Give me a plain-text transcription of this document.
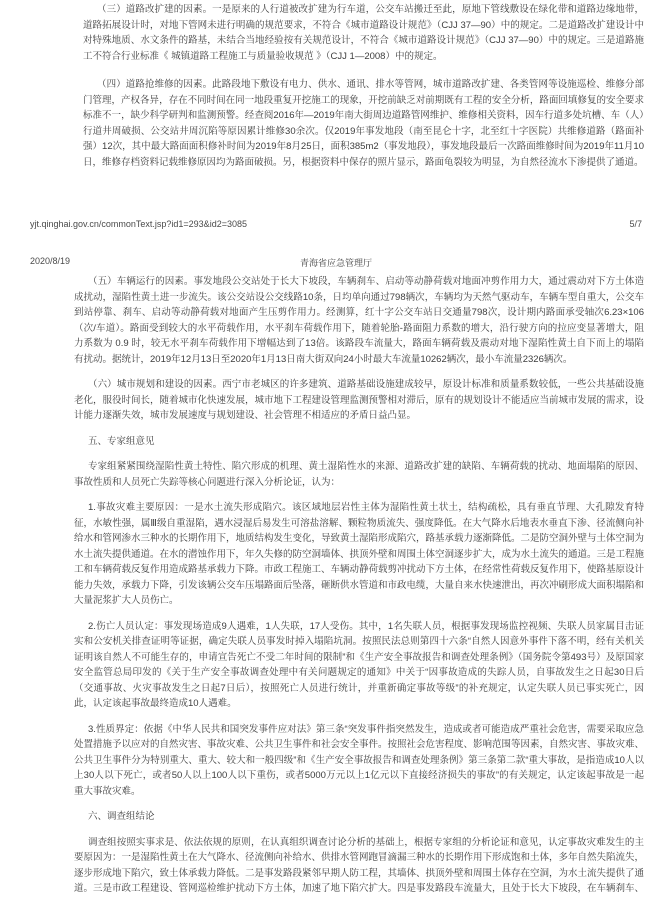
（三）道路改扩建的因素。一是原来的人行道被改扩建为行车道，公交车站搬迁至此，原地下管线敷设在绿化带和道路边缘地带，道路拓展设计时，对地下管网未进行明确的规范要求，不符合《城市道路设计规范》（CJJ 37—90）中的规定。二是道路改扩建设计中对特殊地质、水文条件的路基，未结合当地经验按有关规范设计，不符合《城市道路设计规范》（CJJ 37—90）中的规定。三是道路施工不符合行业标准《 城镇道路工程施工与质量验收规范 》（CJJ 1—2008）中的规定。

（四）道路抢维修的因素。此路段地下敷设有电力、供水、通讯、排水等管网，城市道路改扩建、各类管网等设施巡检、维修分部门管理，产权各异，存在不同时间在同一地段重复开挖施工的现象，开挖前缺乏对前期既有工程的安全分析，路面回填修复的安全要求标准不一，缺少科学研判和监测预警。经查阅2016年—2019年南大街周边道路管网维护、维修相关资料，因车行道多处坑槽、车（人）行道井周破损、公交站井周沉陷等原因累计维修30余次。仅2019年事发地段（南至昆仑十字，北至红十字医院）共维修道路（路面补强）12次，其中最大路面面积修补时间为2019年8月25日，面积385m2（事发地段），事发地段最后一次路面维修时间为2019年11月10日，维修存档资料记载维修原因均为路面破损。另，根据资料中保存的照片显示，路面龟裂较为明显，为自然径流水下渗提供了通道。

yjt.qinghai.gov.cn/commonText.jsp?id1=293&id2=3085	5/7
2020/8/19	青海省应急管理厅

（五）车辆运行的因素。事发地段公交站处于长大下坡段，车辆刹车、启动等动静荷载对地面冲剪作用力大，通过震动对下方土体造成扰动，湿陷性黄土进一步流失。该公交站设公交线路10条，日均单向通过798辆次，车辆均为天然气驱动车，车辆车型自重大，公交车到站停靠、刹车、启动等动静荷载对地面产生压剪作用力。经测算，红十字公交车站日交通量798次，设计期内路面承受轴次6.23×106（次/车道）。路面受到较大的水平荷载作用，水平刹车荷载作用下，随着轮胎-路面阻力系数的增大，沿行驶方向的拉应变显著增大，阻力系数为 0.9 时，较无水平刹车荷载作用下增幅达到了13倍。该路段车流量大，路面车辆荷载及震动对地下湿陷性黄土自下而上的塌陷有扰动。据统计，2019年12月13日至2020年1月13日南大街双向24小时最大车流量10262辆次，最小车流量2326辆次。

（六）城市规划和建设的因素。西宁市老城区的许多建筑、道路基础设施建成较早，原设计标准和质量系数较低，一些公共基础设施老化，服役时间长，随着城市化快速发展，城市地下工程建设管理监测预警相对滞后，原有的规划设计不能适应当前城市发展的需求，设计能力逐渐失效，城市发展速度与规划建设、社会管理不相适应的矛盾日益凸显。

五、专家组意见

专家组紧紧围绕湿陷性黄土特性、陷穴形成的机理、黄土湿陷性水的来源、道路改扩建的缺陷、车辆荷载的扰动、地面塌陷的原因、事故性质和人员死亡失踪等核心问题进行深入分析论证，认为：

1.事故灾难主要原因：一是水土流失形成陷穴。该区域地层岩性主体为湿陷性黄土状土，结构疏松，具有垂直节理、大孔隙发育特征，水敏性强，属Ⅲ级自重湿陷，遇水浸湿后易发生可溶盐溶解、颗粒物质流失、强度降低。在大气降水后地表水垂直下渗、径流侧向补给水和管网渗水三种水的长期作用下，地质结构发生变化，导致黄土湿陷形成陷穴，路基承载力逐渐降低。二是防空洞外壁与土体空洞为水土流失提供通道。在水的潜蚀作用下，年久失修的防空洞墙体、拱顶外壁和周围土体空洞逐步扩大，成为水土流失的通道。三是工程施工和车辆荷载反复作用造成路基承载力下降。市政工程施工、车辆动静荷载剪冲扰动下方土体，在经常性荷载反复作用下，使路基原设计能力失效，承载力下降，引发该辆公交车压塌路面后坠落，砸断供水管道和市政电缆，大量自来水快速泄出，再次冲刷形成大面积塌陷和大量泥浆扩大人员伤亡。

2.伤亡人员认定：事发现场造成9人遇难，1人失联，17人受伤。其中，1名失联人员，根据事发现场监控视频、失联人员家属目击证实和公安机关排查证明等证据，确定失联人员事发时掉入塌陷坑洞。按照民法总则第四十六条“自然人因意外事件下落不明，经有关机关证明该自然人不可能生存的，申请宣告死亡不受二年时间的限制”和《生产安全事故报告和调查处理条例》（国务院令第493号）及原国家安全监管总局印发的《关于生产安全事故调查处理中有关问题规定的通知》中关于“因事故造成的失踪人员，自事故发生之日起30日后（交通事故、火灾事故发生之日起7日后），按照死亡人员进行统计，并重新确定事故等级”的补充规定，认定失联人员已事实死亡，因此，认定该起事故最终造成10人遇难。

3.性质界定：依据《中华人民共和国突发事件应对法》第三条“突发事件指突然发生，造成或者可能造成严重社会危害，需要采取应急处置措施予以应对的自然灾害、事故灾难、公共卫生事件和社会安全事件。按照社会危害程度、影响范围等因素，自然灾害、事故灾难、公共卫生事件分为特别重大、重大、较大和一般四级”和《生产安全事故报告和调查处理条例》第三条第二款“重大事故，是指造成10人以上30人以下死亡，或者50人以上100人以下重伤，或者5000万元以上1亿元以下直接经济损失的事故”的有关规定，认定该起事故是一起重大事故灾难。

六、调查组结论

调查组按照实事求是、依法依规的原则，在认真组织调查讨论分析的基础上，根据专家组的分析论证和意见，认定事故灾难发生的主要原因为：一是湿陷性黄土在大气降水、径流侧向补给水、供排水管网跑冒滴漏三种水的长期作用下形成饱和土体，多年自然失陷流失，逐步形成地下陷穴，致土体承载力降低。二是事发路段紧邻早期人防工程，其墙体、拱顶外壁和周围土体存在空洞，为水土流失提供了通道。三是市政工程建设、管网巡检维护扰动下方土体，加速了地下陷穴扩大。四是事发路段车流量大，且处于长大下坡段，在车辆刹车、
